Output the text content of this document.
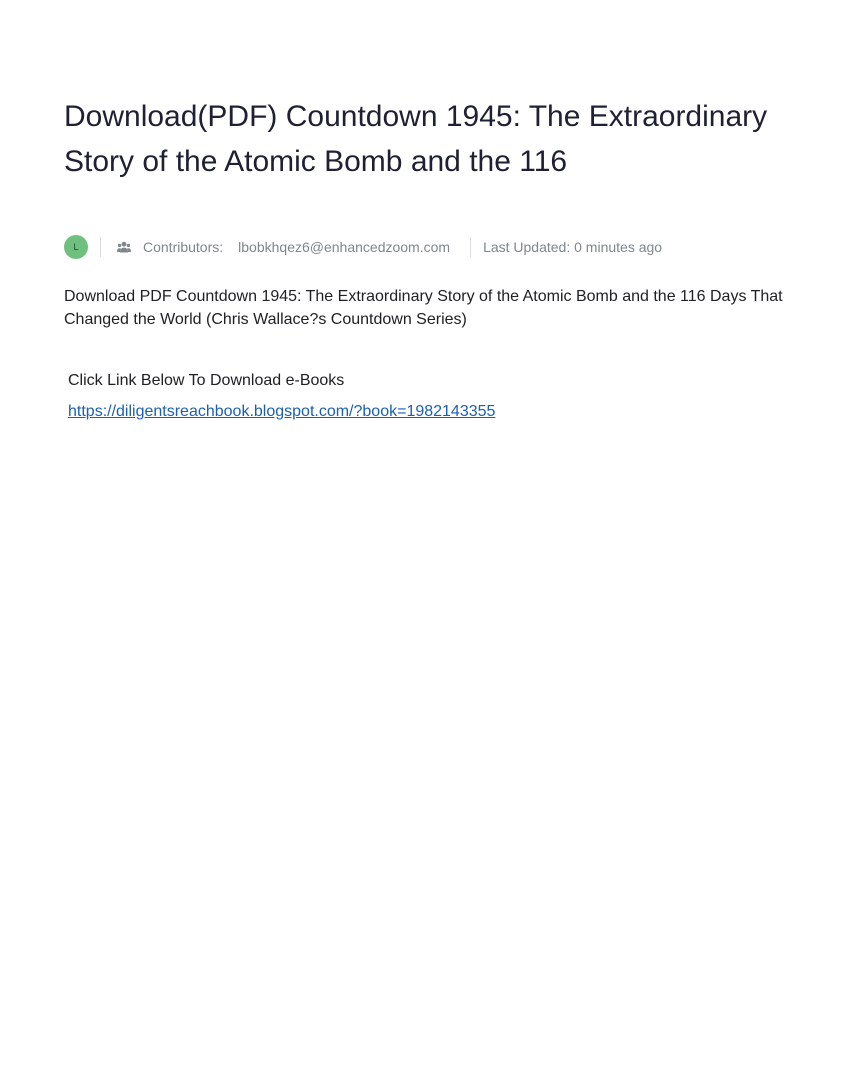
Download(PDF) Countdown 1945: The Extraordinary Story of the Atomic Bomb and the 116
L	Contributors: lbobkhqez6@enhancedzoom.com Last Updated: 0 minutes ago

Download PDF Countdown 1945: The Extraordinary Story of the Atomic Bomb and the 116 Days That Changed the World (Chris Wallace?s Countdown Series)

Click Link Below To Download e-Books

https://diligentsreachbook.blogspot.com/?book=1982143355
